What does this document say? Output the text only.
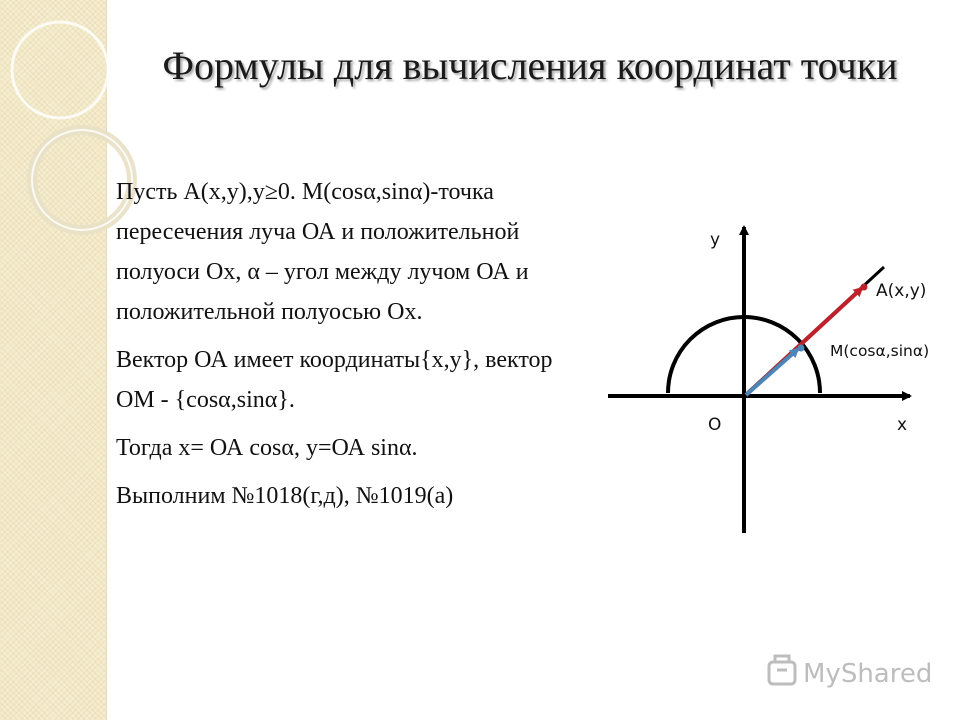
Формулы для вычисления координат точки

Пусть А(х,у),у≥0. М(cosα,sinα)-точка пересечения луча ОА и положительной полуоси Ох, α – угол между лучом ОА и положительной полуосью Ох.

Вектор ОА имеет координаты{x,y}, вектор ОМ - {cosα,sinα}.

Тогда х= ОА cosα, у=ОА sinα.

Выполним №1018(г,д), №1019(а)

y
x
O
A(x,y)
M(cosα,sinα)
MyShared
